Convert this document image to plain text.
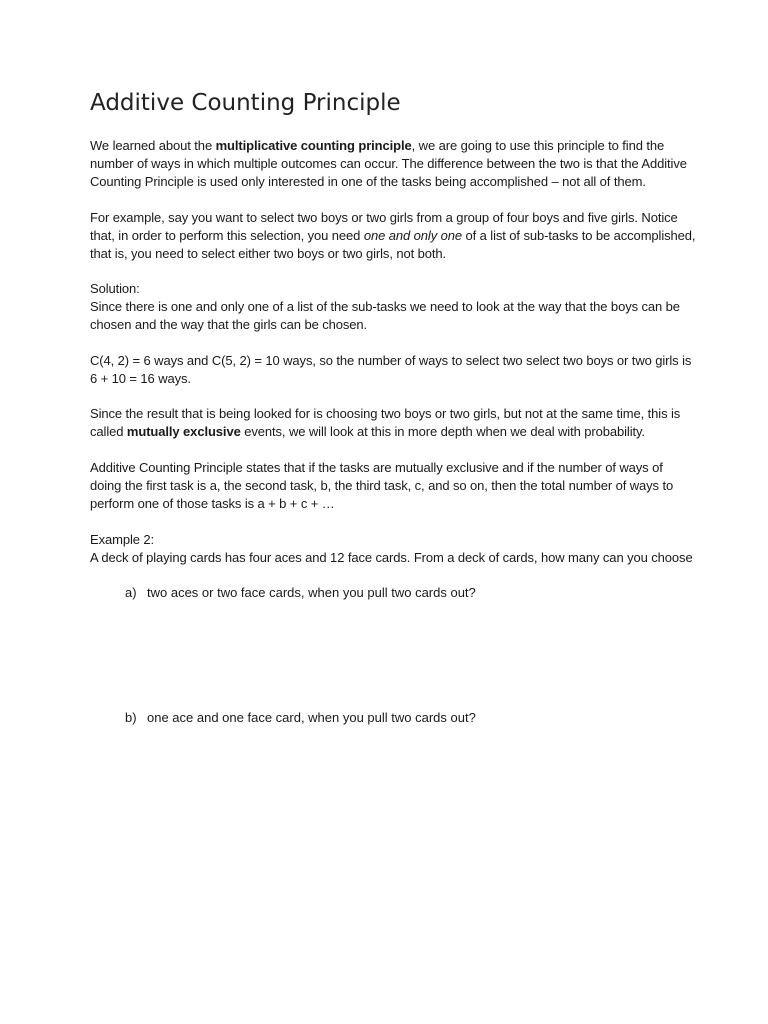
Additive Counting Principle
We learned about the multiplicative counting principle, we are going to use this principle to find the
number of ways in which multiple outcomes can occur. The difference between the two is that the Additive
Counting Principle is used only interested in one of the tasks being accomplished – not all of them.
For example, say you want to select two boys or two girls from a group of four boys and five girls. Notice
that, in order to perform this selection, you need one and only one of a list of sub-tasks to be accomplished,
that is, you need to select either two boys or two girls, not both.
Solution:
Since there is one and only one of a list of the sub-tasks we need to look at the way that the boys can be
chosen and the way that the girls can be chosen.
C(4, 2) = 6 ways and C(5, 2) = 10 ways, so the number of ways to select two select two boys or two girls is
6 + 10 = 16 ways.
Since the result that is being looked for is choosing two boys or two girls, but not at the same time, this is
called mutually exclusive events, we will look at this in more depth when we deal with probability.
Additive Counting Principle states that if the tasks are mutually exclusive and if the number of ways of
doing the first task is a, the second task, b, the third task, c, and so on, then the total number of ways to
perform one of those tasks is a + b + c + …
Example 2:
A deck of playing cards has four aces and 12 face cards. From a deck of cards, how many can you choose
a) two aces or two face cards, when you pull two cards out?
b) one ace and one face card, when you pull two cards out?
